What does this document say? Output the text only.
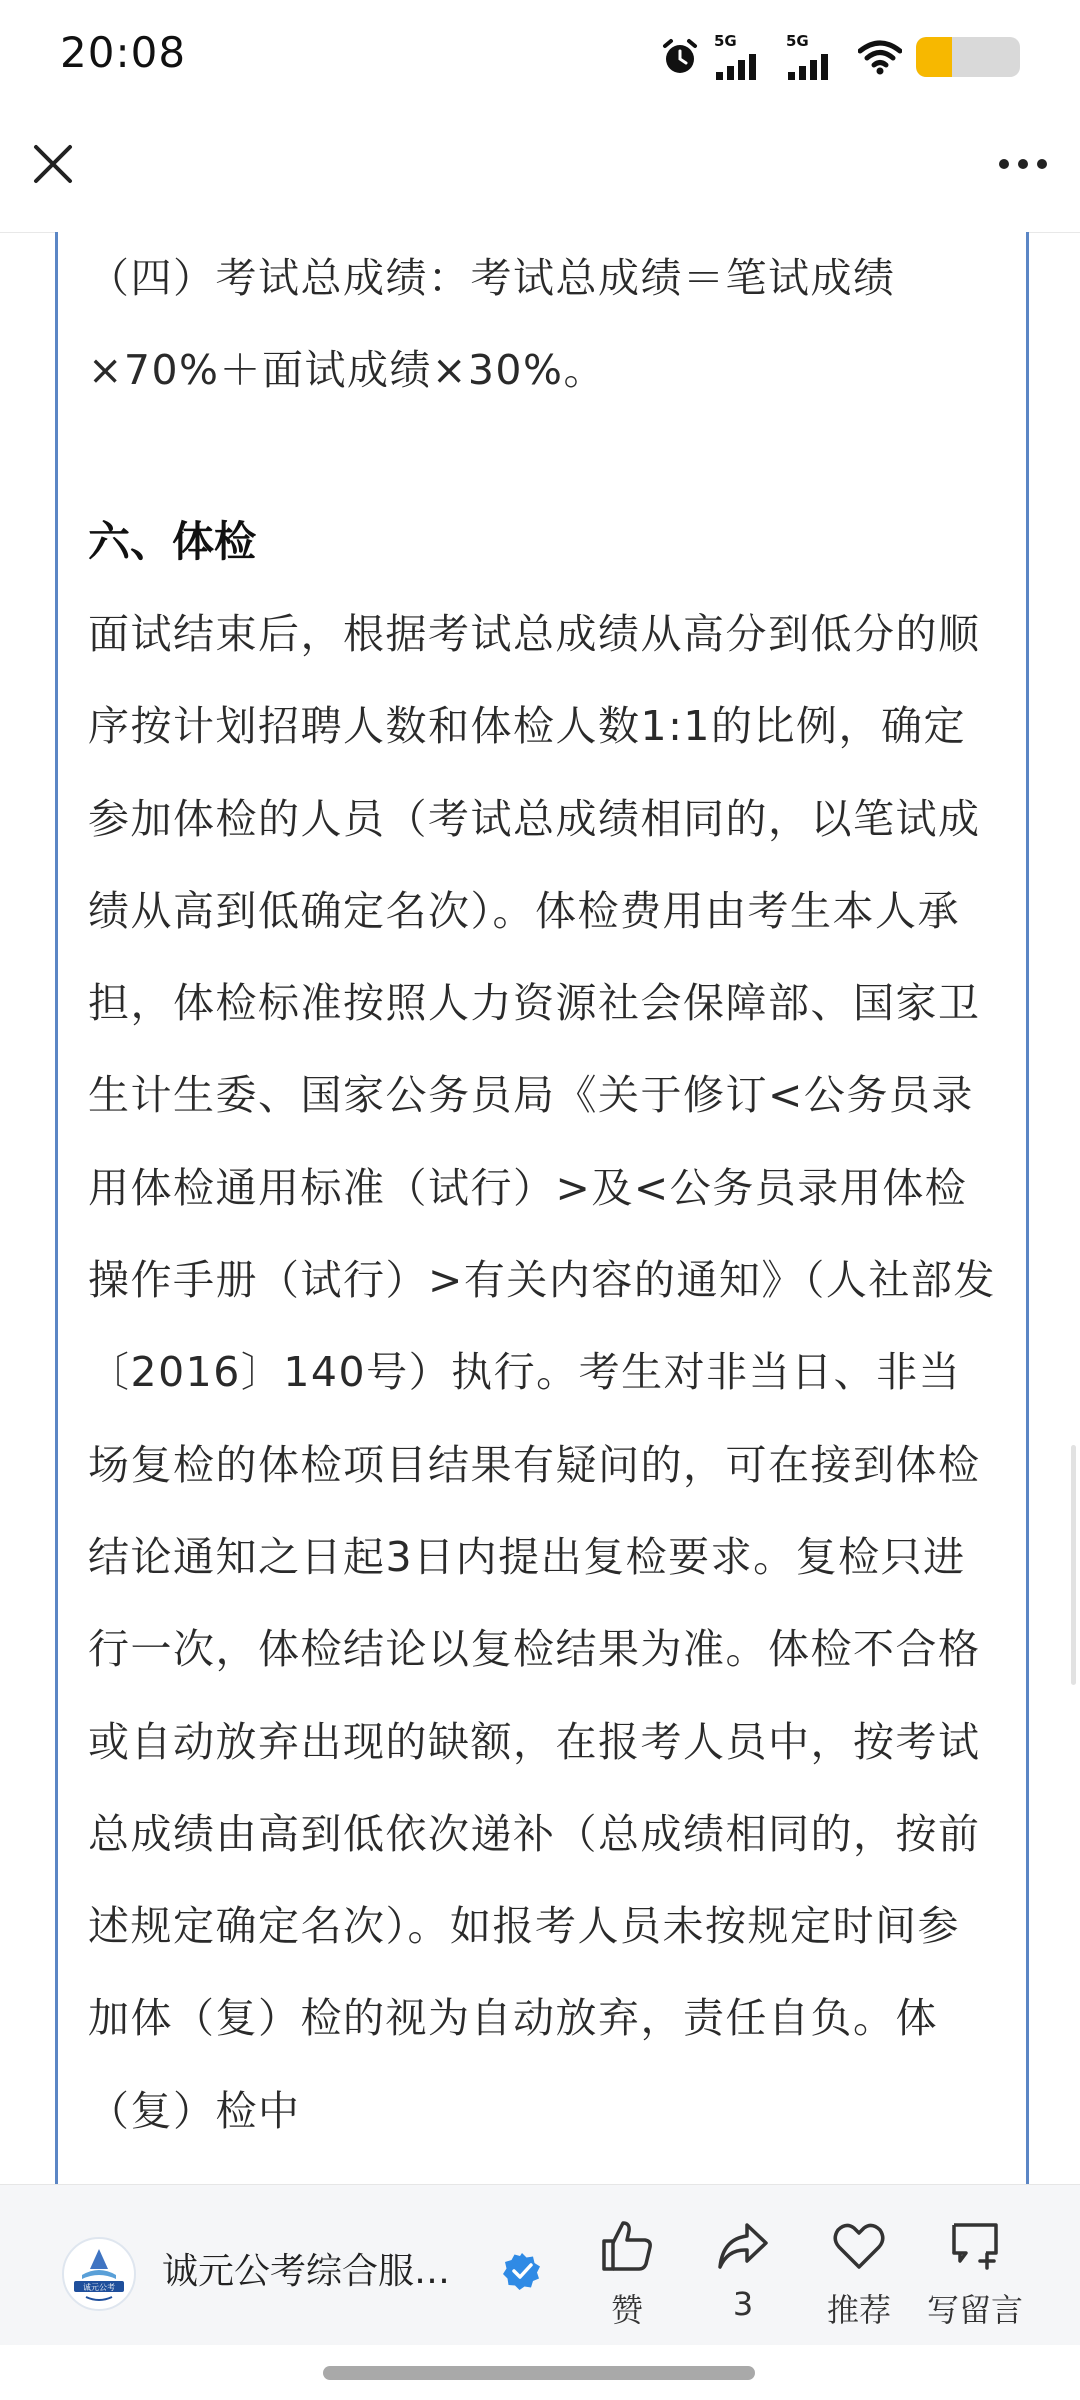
20:08	5G	5G

（四）考试总成绩：考试总成绩＝笔试成绩×70%＋面试成绩×30%。

六、体检

面试结束后，根据考试总成绩从高分到低分的顺序按计划招聘人数和体检人数1:1的比例，确定参加体检的人员（考试总成绩相同的，以笔试成绩从高到低确定名次）。体检费用由考生本人承担，体检标准按照人力资源社会保障部、国家卫生计生委、国家公务员局《关于修订<公务员录用体检通用标准（试行）>及<公务员录用体检操作手册（试行）>有关内容的通知》（人社部发〔2016〕140号）执行。考生对非当日、非当场复检的体检项目结果有疑问的，可在接到体检结论通知之日起3日内提出复检要求。复检只进行一次，体检结论以复检结果为准。体检不合格或自动放弃出现的缺额，在报考人员中，按考试总成绩由高到低依次递补（总成绩相同的，按前述规定确定名次）。如报考人员未按规定时间参加体（复）检的视为自动放弃，责任自负。体（复）检中

诚元公考 诚元公考综合服…
赞	3	推荐	写留言
